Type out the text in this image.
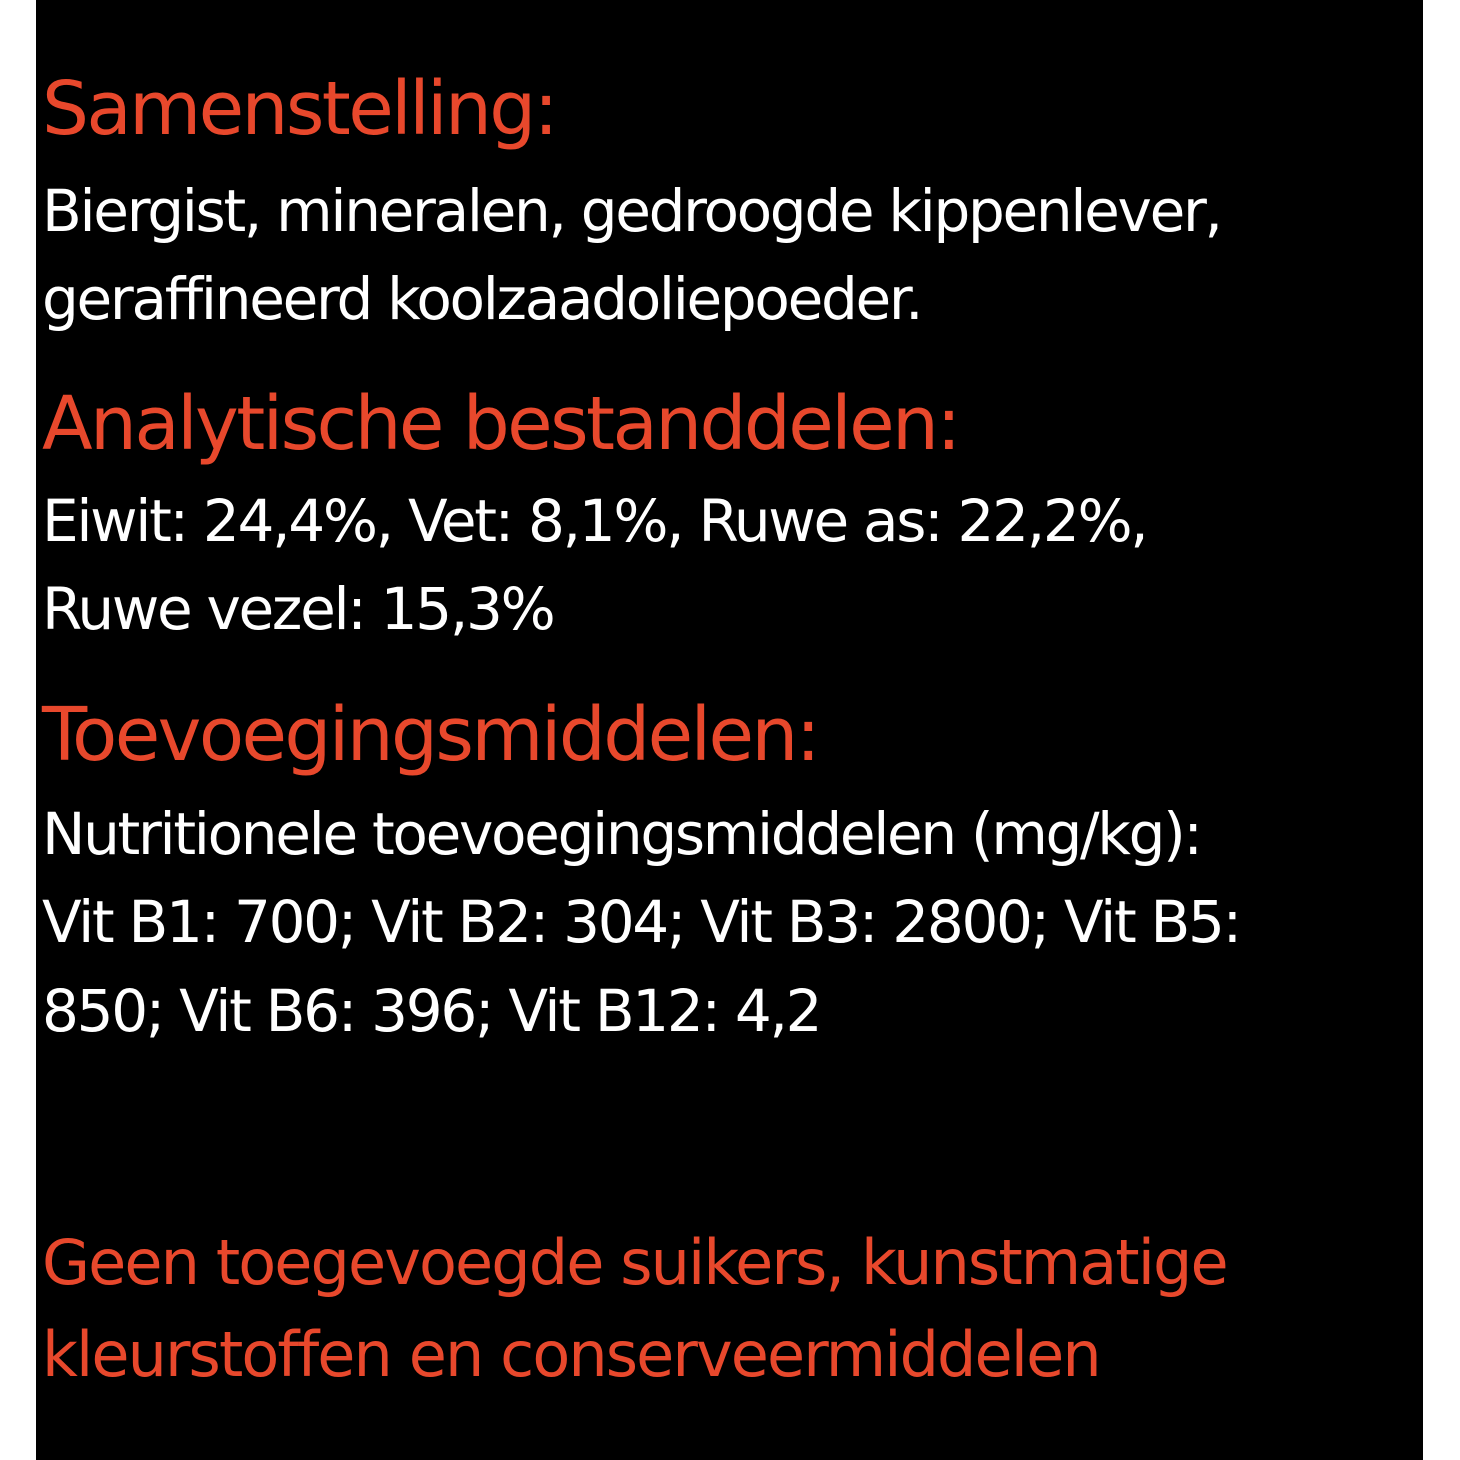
Samenstelling:

Biergist, mineralen, gedroogde kippenlever,

geraffineerd koolzaadoliepoeder.

Analytische bestanddelen:

Eiwit: 24,4%, Vet: 8,1%, Ruwe as: 22,2%,

Ruwe vezel: 15,3%

Toevoegingsmiddelen:

Nutritionele toevoegingsmiddelen (mg/kg):

Vit B1: 700; Vit B2: 304; Vit B3: 2800; Vit B5:

850; Vit B6: 396; Vit B12: 4,2

Geen toegevoegde suikers, kunstmatige

kleurstoffen en conserveermiddelen
